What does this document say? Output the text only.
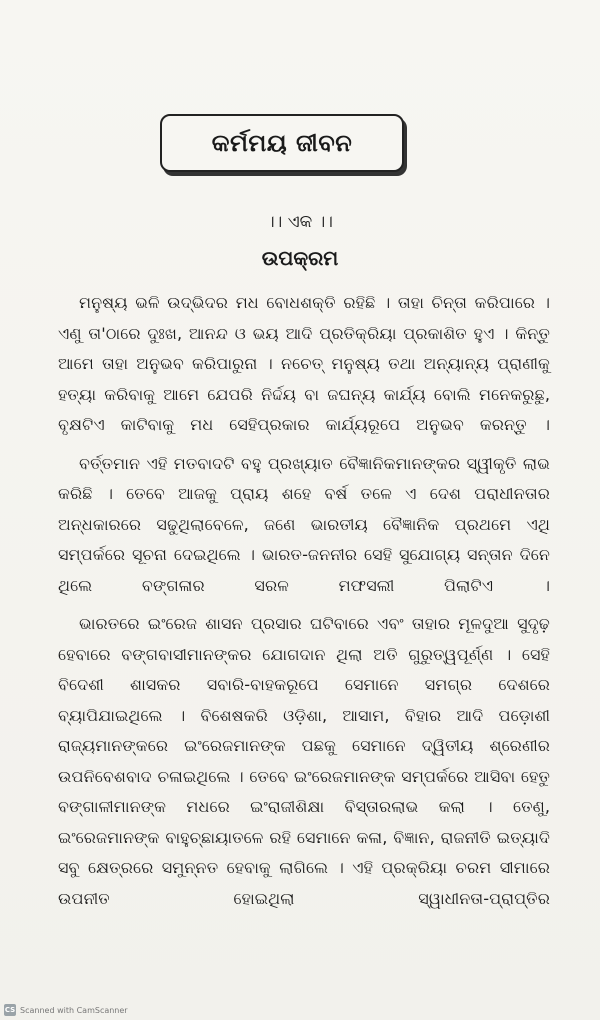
କର୍ମମୟ ଜୀବନ
।। ଏକ ।।
ଉପକ୍ରମ

ମନୁଷ୍ୟ ଭଳି ଉଦ୍ଭିଦର ମଧ ବୋଧଶକ୍ତି ରହିଛି । ତାହା ଚିନ୍ତା କରିପାରେ । ଏଣୁ ତା'ଠାରେ ଦୁଃଖ, ଆନନ୍ଦ ଓ ଭୟ ଆଦି ପ୍ରତିକ୍ରିୟା ପ୍ରକାଶିତ ହୁଏ । କିନ୍ତୁ ଆମେ ତାହା ଅନୁଭବ କରିପାରୁନା । ନଚେତ୍ ମନୁଷ୍ୟ ତଥା ଅନ୍ୟାନ୍ୟ ପ୍ରାଣୀକୁ ହତ୍ୟା କରିବାକୁ ଆମେ ଯେପରି ନିର୍ଦ୍ଦୟ ବା ଜଘନ୍ୟ କାର୍ଯ୍ୟ ବୋଲି ମନେକରୁଛୁ, ବୃକ୍ଷଟିଏ କାଟିବାକୁ ମଧ ସେହିପ୍ରକାର କାର୍ଯ୍ୟରୂପେ ଅନୁଭବ କରନ୍ତୁ ।

ବର୍ତ୍ତମାନ ଏହି ମତବାଦଟି ବହୁ ପ୍ରଖ୍ୟାତ ବୈଜ୍ଞାନିକମାନଙ୍କର ସ୍ୱୀକୃତି ଲାଭ କରିଛି । ତେବେ ଆଜକୁ ପ୍ରାୟ ଶହେ ବର୍ଷ ତଳେ ଏ ଦେଶ ପରାଧୀନତାର ଅନ୍ଧକାରରେ ସଢୁଥିଲାବେଳେ, ଜଣେ ଭାରତୀୟ ବୈଜ୍ଞାନିକ ପ୍ରଥମେ ଏଥି ସମ୍ପର୍କରେ ସୂଚନା ଦେଇଥିଲେ । ଭାରତ-ଜନନୀର ସେହି ସୁଯୋଗ୍ୟ ସନ୍ତାନ ଦିନେ ଥିଲେ ବଙ୍ଗଳାର ସରଳ ମଫସଲୀ ପିଲାଟିଏ ।

ଭାରତରେ ଇଂରେଜ ଶାସନ ପ୍ରସାର ଘଟିବାରେ ଏବଂ ତାହାର ମୂଳଦୁଆ ସୁଦୃଢ଼ ହେବାରେ ବଙ୍ଗବାସୀମାନଙ୍କର ଯୋଗଦାନ ଥିଲା ଅତି ଗୁରୁତ୍ୱପୂର୍ଣ୍ଣ । ସେହି ବିଦେଶୀ ଶାସକର ସବାରି-ବାହକରୂପେ ସେମାନେ ସମଗ୍ର ଦେଶରେ ବ୍ୟାପିଯାଇଥିଲେ । ବିଶେଷକରି ଓଡ଼ିଶା, ଆସାମ, ବିହାର ଆଦି ପଡ଼ୋଶୀ ରାଜ୍ୟମାନଙ୍କରେ ଇଂରେଜମାନଙ୍କ ପଛକୁ ସେମାନେ ଦ୍ୱିତୀୟ ଶ୍ରେଣୀର ଉପନିବେଶବାଦ ଚଳାଇଥିଲେ । ତେବେ ଇଂରେଜମାନଙ୍କ ସମ୍ପର୍କରେ ଆସିବା ହେତୁ ବଙ୍ଗାଳୀମାନଙ୍କ ମଧରେ ଇଂରାଜୀଶିକ୍ଷା ବିସ୍ତାରଲାଭ କଲା । ତେଣୁ, ଇଂରେଜମାନଙ୍କ ବାହୁଚ୍ଛାୟାତଳେ ରହି ସେମାନେ କଳା, ବିଜ୍ଞାନ, ରାଜନୀତି ଇତ୍ୟାଦି ସବୁ କ୍ଷେତ୍ରରେ ସମୁନ୍ନତ ହେବାକୁ ଲାଗିଲେ । ଏହି ପ୍ରକ୍ରିୟା ଚରମ ସୀମାରେ ଉପନୀତ ହୋଇଥିଲା ସ୍ୱାଧୀନତା-ପ୍ରାପ୍ତିର

CS Scanned with CamScanner
